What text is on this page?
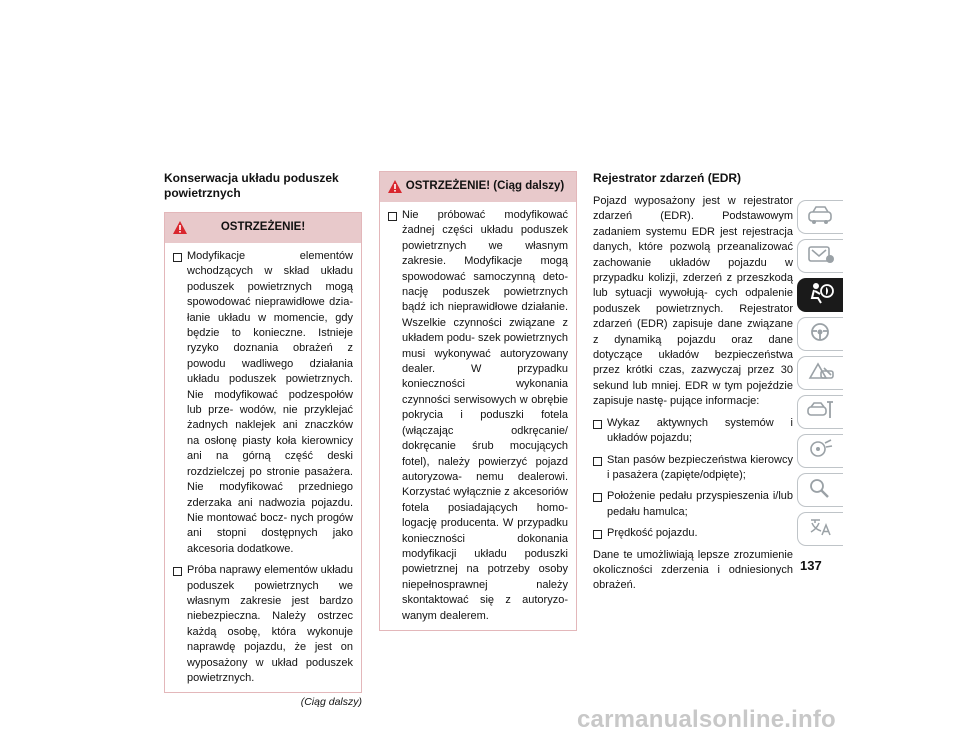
Konserwacja układu poduszek powietrznych
OSTRZEŻENIE!
Modyfikacje elementów wchodzących w skład układu poduszek powietrznych mogą spowodować nieprawidłowe dzia- łanie układu w momencie, gdy będzie to konieczne. Istnieje ryzyko doznania obrażeń z powodu wadliwego działania układu poduszek powietrznych. Nie modyfikować podzespołów lub prze- wodów, nie przyklejać żadnych naklejek ani znaczków na osłonę piasty koła kierownicy ani na górną część deski rozdzielczej po stronie pasażera. Nie modyfikować przedniego zderzaka ani nadwozia pojazdu. Nie montować bocz- nych progów ani stopni dostępnych jako akcesoria dodatkowe.
Próba naprawy elementów układu poduszek powietrznych we własnym zakresie jest bardzo niebezpieczna. Należy ostrzec każdą osobę, która wykonuje naprawdę pojazdu, że jest on wyposażony w układ poduszek powietrznych.
(Ciąg dalszy)
OSTRZEŻENIE! (Ciąg dalszy)
Nie próbować modyfikować żadnej części układu poduszek powietrznych we własnym zakresie. Modyfikacje mogą spowodować samoczynną deto- nację poduszek powietrznych bądź ich nieprawidłowe działanie. Wszelkie czynności związane z układem podu- szek powietrznych musi wykonywać autoryzowany dealer. W przypadku konieczności wykonania czynności serwisowych w obrębie pokrycia i poduszki fotela (włączając odkręcanie/ dokręcanie śrub mocujących fotel), należy powierzyć pojazd autoryzowa- nemu dealerowi. Korzystać wyłącznie z akcesoriów fotela posiadających homo- logację producenta. W przypadku konieczności dokonania modyfikacji układu poduszki powietrznej na potrzeby osoby niepełnosprawnej należy skontaktować się z autoryzo- wanym dealerem.
Rejestrator zdarzeń (EDR)

Pojazd wyposażony jest w rejestrator zdarzeń (EDR). Podstawowym zadaniem systemu EDR jest rejestracja danych, które pozwolą przeanalizować zachowanie układów pojazdu w przypadku kolizji, zderzeń z przeszkodą lub sytuacji wywołują- cych odpalenie poduszek powietrznych. Rejestrator zdarzeń (EDR) zapisuje dane związane z dynamiką pojazdu oraz dane dotyczące układów bezpieczeństwa przez krótki czas, zazwyczaj przez 30 sekund lub mniej. EDR w tym pojeździe zapisuje nastę- pujące informacje:

Wykaz aktywnych systemów i układów pojazdu;
Stan pasów bezpieczeństwa kierowcy i pasażera (zapięte/odpięte);
Położenie pedału przyspieszenia i/lub pedału hamulca;
Prędkość pojazdu.

Dane te umożliwiają lepsze zrozumienie okoliczności zderzenia i odniesionych obrażeń.

137
carmanualsonline.info
